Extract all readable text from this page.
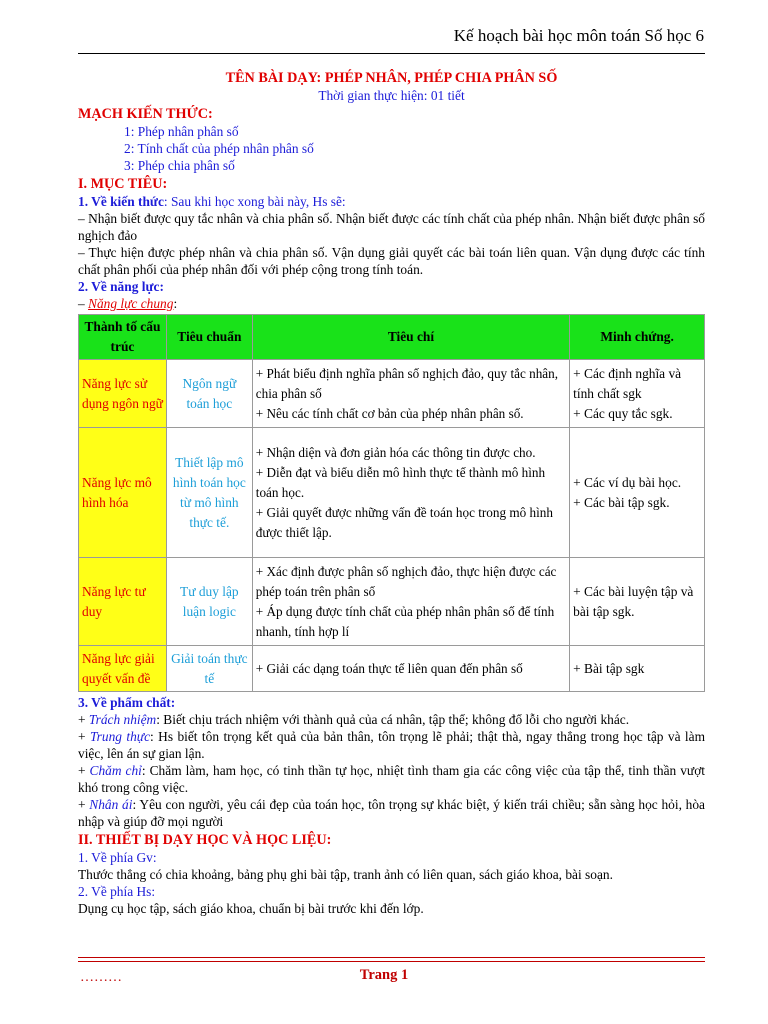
Kế hoạch bài học môn toán Số học 6

TÊN BÀI DẠY: PHÉP NHÂN, PHÉP CHIA PHÂN SỐ

Thời gian thực hiện: 01 tiết

MẠCH KIẾN THỨC:

1: Phép nhân phân số

2: Tính chất của phép nhân phân số

3: Phép chia phân số

I. MỤC TIÊU:

1. Về kiến thức: Sau khi học xong bài này, Hs sẽ:

– Nhận biết được quy tắc nhân và chia phân số. Nhận biết được các tính chất của phép nhân. Nhận biết được phân số nghịch đảo

– Thực hiện được phép nhân và chia phân số. Vận dụng giải quyết các bài toán liên quan. Vận dụng được các tính chất phân phối của phép nhân đối với phép cộng trong tính toán.

2. Về năng lực:

– Năng lực chung:

Thành tố cấu trúc	Tiêu chuẩn	Tiêu chí	Minh chứng.
Năng lực sử dụng ngôn ngữ	Ngôn ngữ toán học	+ Phát biểu định nghĩa phân số nghịch đảo, quy tắc nhân, chia phân số
+ Nêu các tính chất cơ bản của phép nhân phân số.	+ Các định nghĩa và tính chất sgk
+ Các quy tắc sgk.
Năng lực mô hình hóa	Thiết lập mô hình toán học từ mô hình thực tế.	+ Nhận diện và đơn giản hóa các thông tin được cho.
+ Diễn đạt và biểu diễn mô hình thực tế thành mô hình toán học.
+ Giải quyết được những vấn đề toán học trong mô hình được thiết lập.	+ Các ví dụ bài học.
+ Các bài tập sgk.
Năng lực tư duy	Tư duy lập luận logic	+ Xác định được phân số nghịch đảo, thực hiện được các phép toán trên phân số
+ Áp dụng được tính chất của phép nhân phân số để tính nhanh, tính hợp lí	+ Các bài luyện tập và bài tập sgk.
Năng lực giải quyết vấn đề	Giải toán thực tế	+ Giải các dạng toán thực tế liên quan đến phân số	+ Bài tập sgk

3. Về phẩm chất:

+ Trách nhiệm: Biết chịu trách nhiệm với thành quả của cá nhân, tập thể; không đổ lỗi cho người khác.

+ Trung thực: Hs biết tôn trọng kết quả của bản thân, tôn trọng lẽ phải; thật thà, ngay thẳng trong học tập và làm việc, lên án sự gian lận.

+ Chăm chỉ: Chăm làm, ham học, có tinh thần tự học, nhiệt tình tham gia các công việc của tập thể, tinh thần vượt khó trong công việc.

+ Nhân ái: Yêu con người, yêu cái đẹp của toán học, tôn trọng sự khác biệt, ý kiến trái chiều; sẵn sàng học hỏi, hòa nhập và giúp đỡ mọi người

II. THIẾT BỊ DẠY HỌC VÀ HỌC LIỆU:

1. Về phía Gv:

Thước thẳng có chia khoảng, bảng phụ ghi bài tập, tranh ảnh có liên quan, sách giáo khoa, bài soạn.

2. Về phía Hs:

Dụng cụ học tập, sách giáo khoa, chuẩn bị bài trước khi đến lớp.

………	Trang 1
